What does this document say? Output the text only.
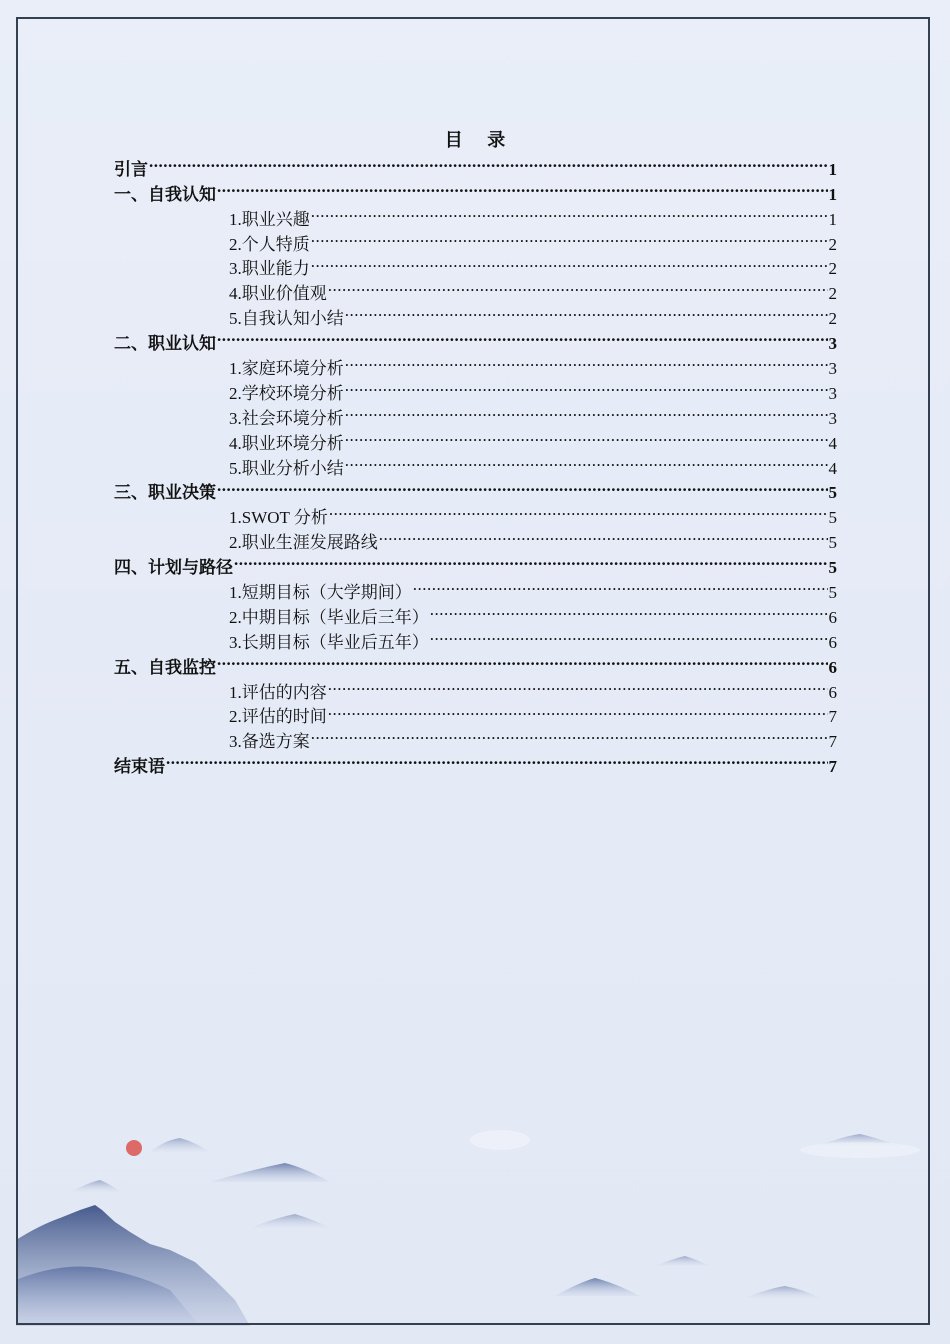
目 录
引言 .....	1
一、自我认知 .....	1
1.职业兴趣 .....	1
2.个人特质 .....	2
3.职业能力 .....	2
4.职业价值观 .....	2
5.自我认知小结 .....	2
二、职业认知 .....	3
1.家庭环境分析 .....	3
2.学校环境分析 .....	3
3.社会环境分析 .....	3
4.职业环境分析 .....	4
5.职业分析小结 .....	4
三、职业决策 .....	5
1.SWOT 分析 .....	5
2.职业生涯发展路线 .....	5
四、计划与路径 .....	5
1.短期目标（大学期间） .....	5
2.中期目标（毕业后三年） .....	6
3.长期目标（毕业后五年） .....	6
五、自我监控 .....	6
1.评估的内容 .....	6
2.评估的时间 .....	7
3.备选方案 .....	7
结束语 .....	7
